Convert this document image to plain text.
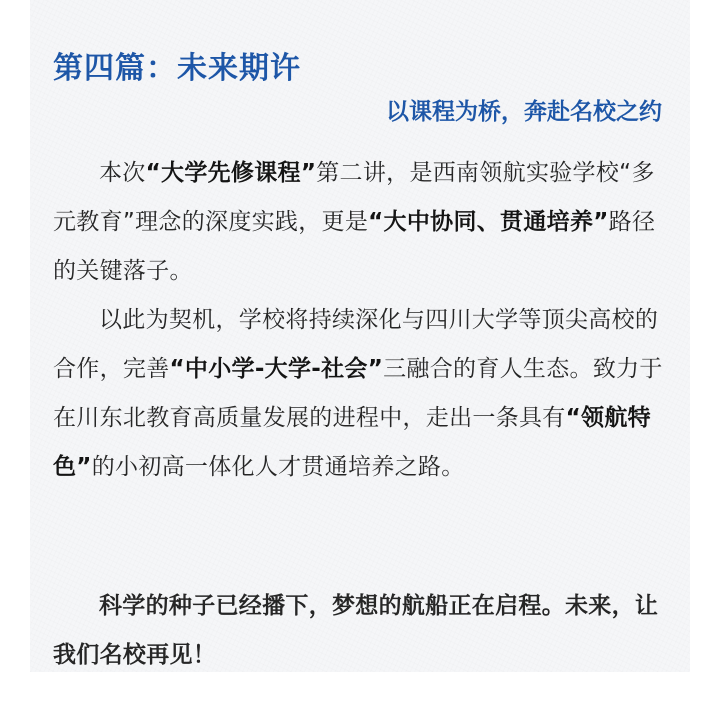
第四篇：未来期许
以课程为桥，奔赴名校之约

本次“大学先修课程”第二讲，是西南领航实验学校“多元教育”理念的深度实践，更是“大中协同、贯通培养”路径的关键落子。

以此为契机，学校将持续深化与四川大学等顶尖高校的合作，完善“中小学-大学-社会”三融合的育人生态。致力于在川东北教育高质量发展的进程中，走出一条具有“领航特色”的小初高一体化人才贯通培养之路。

科学的种子已经播下，梦想的航船正在启程。未来，让我们名校再见！
